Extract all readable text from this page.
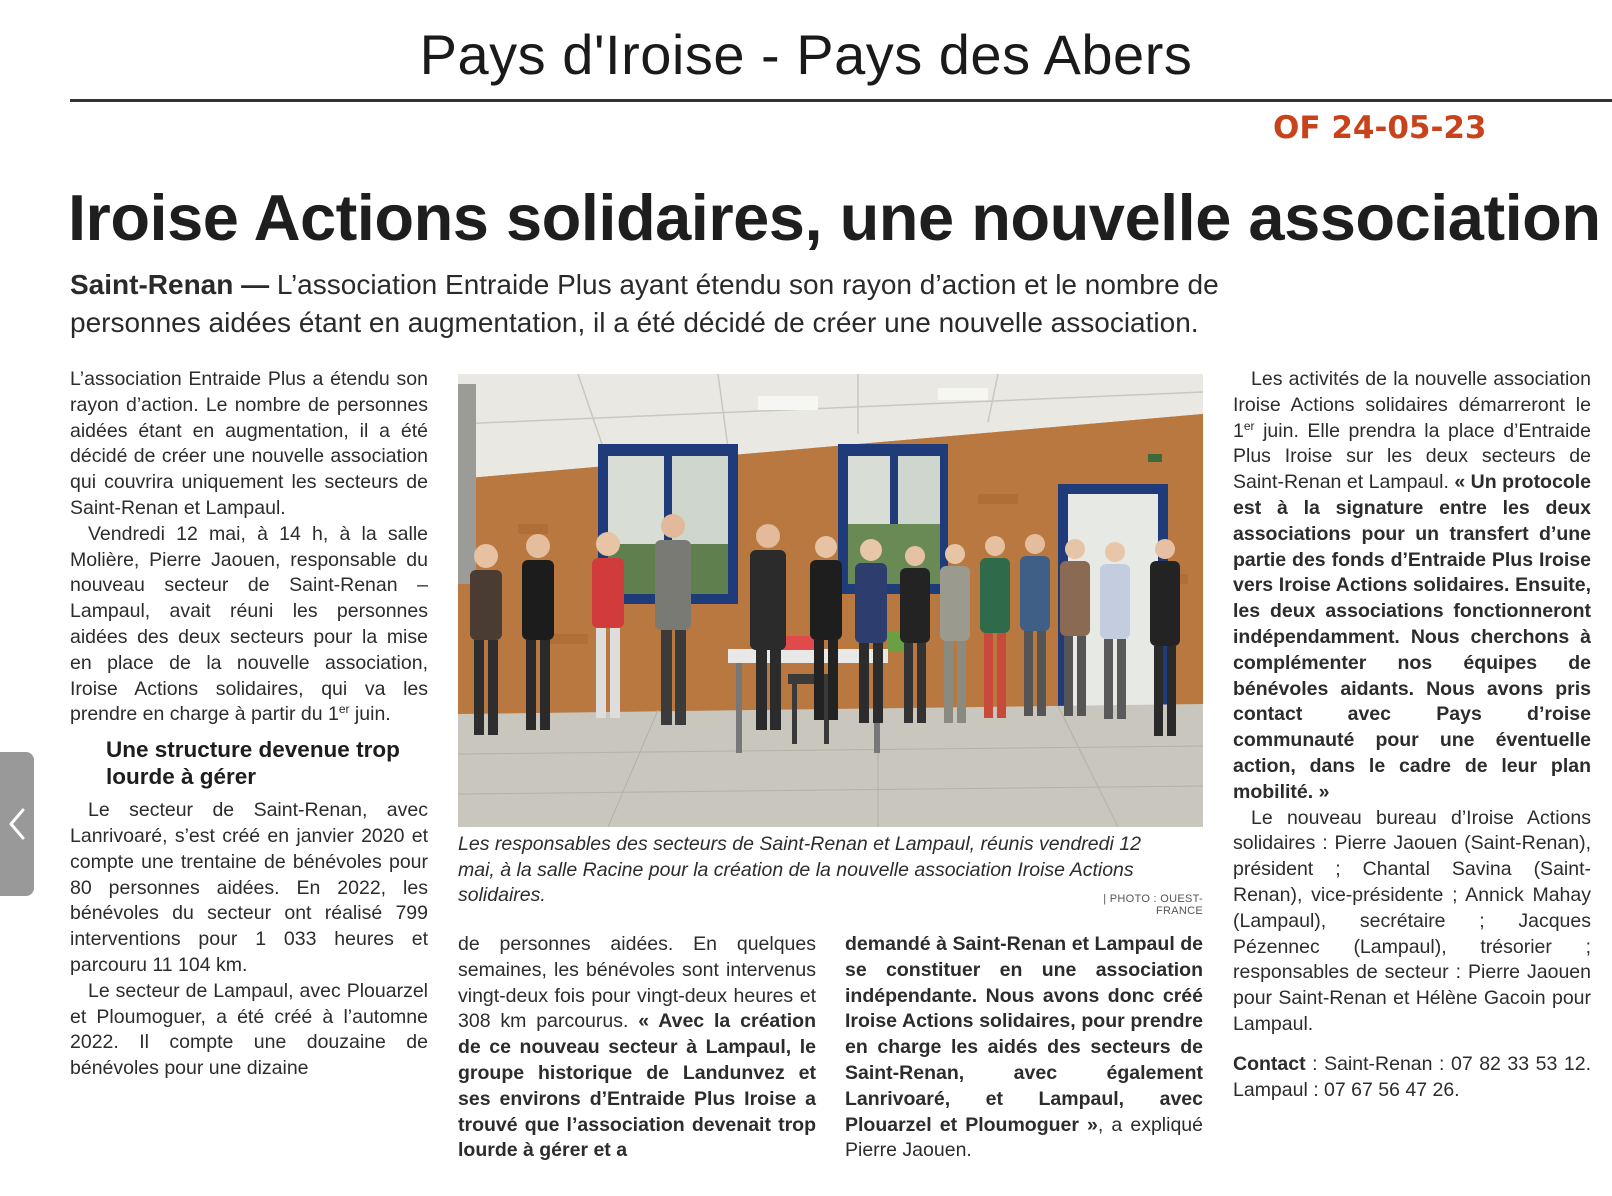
Pays d'Iroise - Pays des Abers
OF 24-05-23
Iroise Actions solidaires, une nouvelle association
Saint-Renan — L’association Entraide Plus ayant étendu son rayon d’action et le nombre de personnes aidées étant en augmentation, il a été décidé de créer une nouvelle association.

L’association Entraide Plus a étendu son rayon d’action. Le nombre de personnes aidées étant en augmentation, il a été décidé de créer une nouvelle association qui couvrira uniquement les secteurs de Saint-Renan et Lampaul.

Vendredi 12 mai, à 14 h, à la salle Molière, Pierre Jaouen, responsable du nouveau secteur de Saint-Renan – Lampaul, avait réuni les personnes aidées des deux secteurs pour la mise en place de la nouvelle association, Iroise Actions solidaires, qui va les prendre en charge à partir du 1er juin.

Une structure devenue trop lourde à gérer

Le secteur de Saint-Renan, avec Lanrivoaré, s’est créé en janvier 2020 et compte une trentaine de bénévoles pour 80 personnes aidées. En 2022, les bénévoles du secteur ont réalisé 799 interventions pour 1 033 heures et parcouru 11 104 km.

Le secteur de Lampaul, avec Plouarzel et Ploumoguer, a été créé à l’automne 2022. Il compte une douzaine de bénévoles pour une dizaine

Les responsables des secteurs de Saint-Renan et Lampaul, réunis vendredi 12 mai, à la salle Racine pour la création de la nouvelle association Iroise Actions solidaires.	| PHOTO : OUEST-FRANCE

de personnes aidées. En quelques semaines, les bénévoles sont intervenus vingt-deux fois pour vingt-deux heures et 308 km parcourus. « Avec la création de ce nouveau secteur à Lampaul, le groupe historique de Landunvez et ses environs d’Entraide Plus Iroise a trouvé que l’association devenait trop lourde à gérer et a

demandé à Saint-Renan et Lampaul de se constituer en une association indépendante. Nous avons donc créé Iroise Actions solidaires, pour prendre en charge les aidés des secteurs de Saint-Renan, avec également Lanrivoaré, et Lampaul, avec Plouarzel et Ploumoguer », a expliqué Pierre Jaouen.

Les activités de la nouvelle association Iroise Actions solidaires démarreront le 1er juin. Elle prendra la place d’Entraide Plus Iroise sur les deux secteurs de Saint-Renan et Lampaul. « Un protocole est à la signature entre les deux associations pour un transfert d’une partie des fonds d’Entraide Plus Iroise vers Iroise Actions solidaires. Ensuite, les deux associations fonctionneront indépendamment. Nous cherchons à complémenter nos équipes de bénévoles aidants. Nous avons pris contact avec Pays d’roise communauté pour une éventuelle action, dans le cadre de leur plan mobilité. »

Le nouveau bureau d’Iroise Actions solidaires : Pierre Jaouen (Saint-Renan), président ; Chantal Savina (Saint-Renan), vice-présidente ; Annick Mahay (Lampaul), secrétaire ; Jacques Pézennec (Lampaul), trésorier ; responsables de secteur : Pierre Jaouen pour Saint-Renan et Hélène Gacoin pour Lampaul.

Contact : Saint-Renan : 07 82 33 53 12. Lampaul : 07 67 56 47 26.
